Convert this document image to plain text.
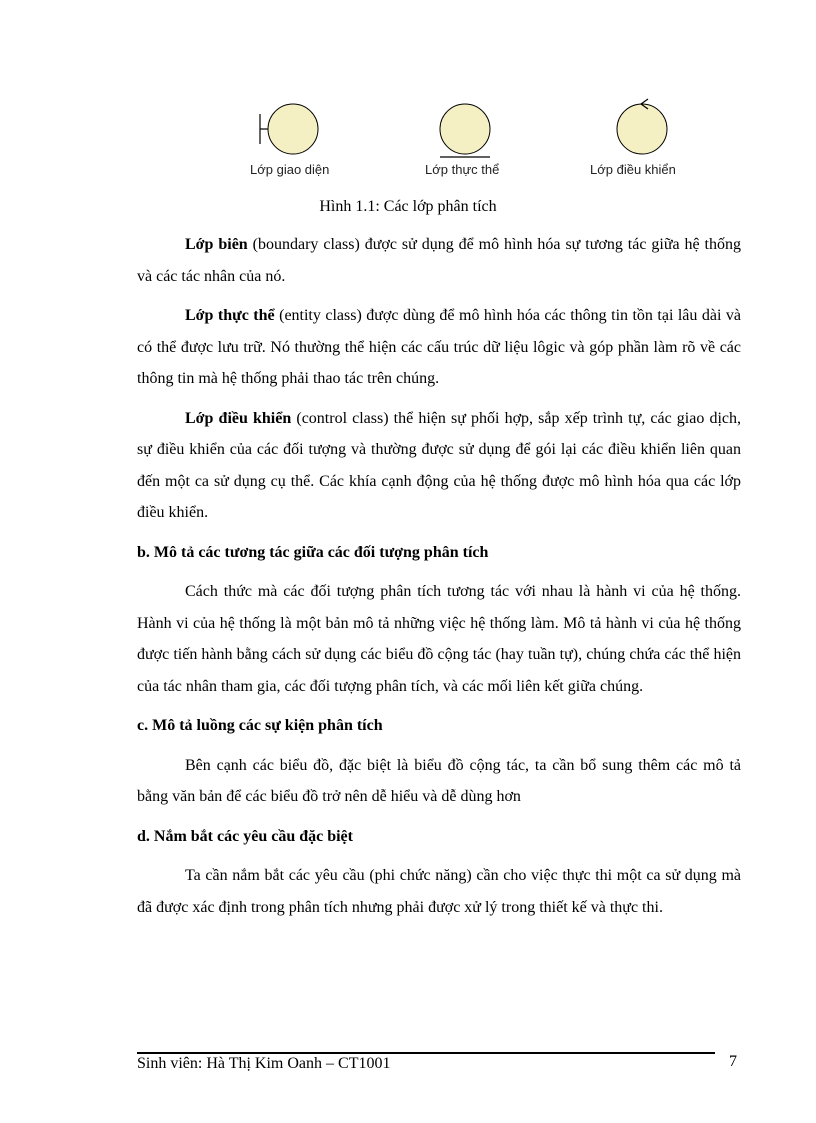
Lớp giao diện	Lớp thực thể	Lớp điều khiển
Hình 1.1: Các lớp phân tích

Lớp biên (boundary class) được sử dụng để mô hình hóa sự tương tác giữa hệ thống và các tác nhân của nó.

Lớp thực thể (entity class) được dùng để mô hình hóa các thông tin tồn tại lâu dài và có thể được lưu trữ. Nó thường thể hiện các cấu trúc dữ liệu lôgic và góp phần làm rõ về các thông tin mà hệ thống phải thao tác trên chúng.

Lớp điều khiển (control class) thể hiện sự phối hợp, sắp xếp trình tự, các giao dịch, sự điều khiển của các đối tượng và thường được sử dụng để gói lại các điều khiển liên quan đến một ca sử dụng cụ thể. Các khía cạnh động của hệ thống được mô hình hóa qua các lớp điều khiển.

b. Mô tả các tương tác giữa các đối tượng phân tích

Cách thức mà các đối tượng phân tích tương tác với nhau là hành vi của hệ thống. Hành vi của hệ thống là một bản mô tả những việc hệ thống làm. Mô tả hành vi của hệ thống được tiến hành bằng cách sử dụng các biểu đồ cộng tác (hay tuần tự), chúng chứa các thể hiện của tác nhân tham gia, các đối tượng phân tích, và các mối liên kết giữa chúng.

c. Mô tả luồng các sự kiện phân tích

Bên cạnh các biểu đồ, đặc biệt là biểu đồ cộng tác, ta cần bổ sung thêm các mô tả bằng văn bản để các biểu đồ trở nên dễ hiểu và dễ dùng hơn

d. Nắm bắt các yêu cầu đặc biệt

Ta cần nắm bắt các yêu cầu (phi chức năng) cần cho việc thực thi một ca sử dụng mà đã được xác định trong phân tích nhưng phải được xử lý trong thiết kế và thực thi.

Sinh viên: Hà Thị Kim Oanh – CT1001	7
